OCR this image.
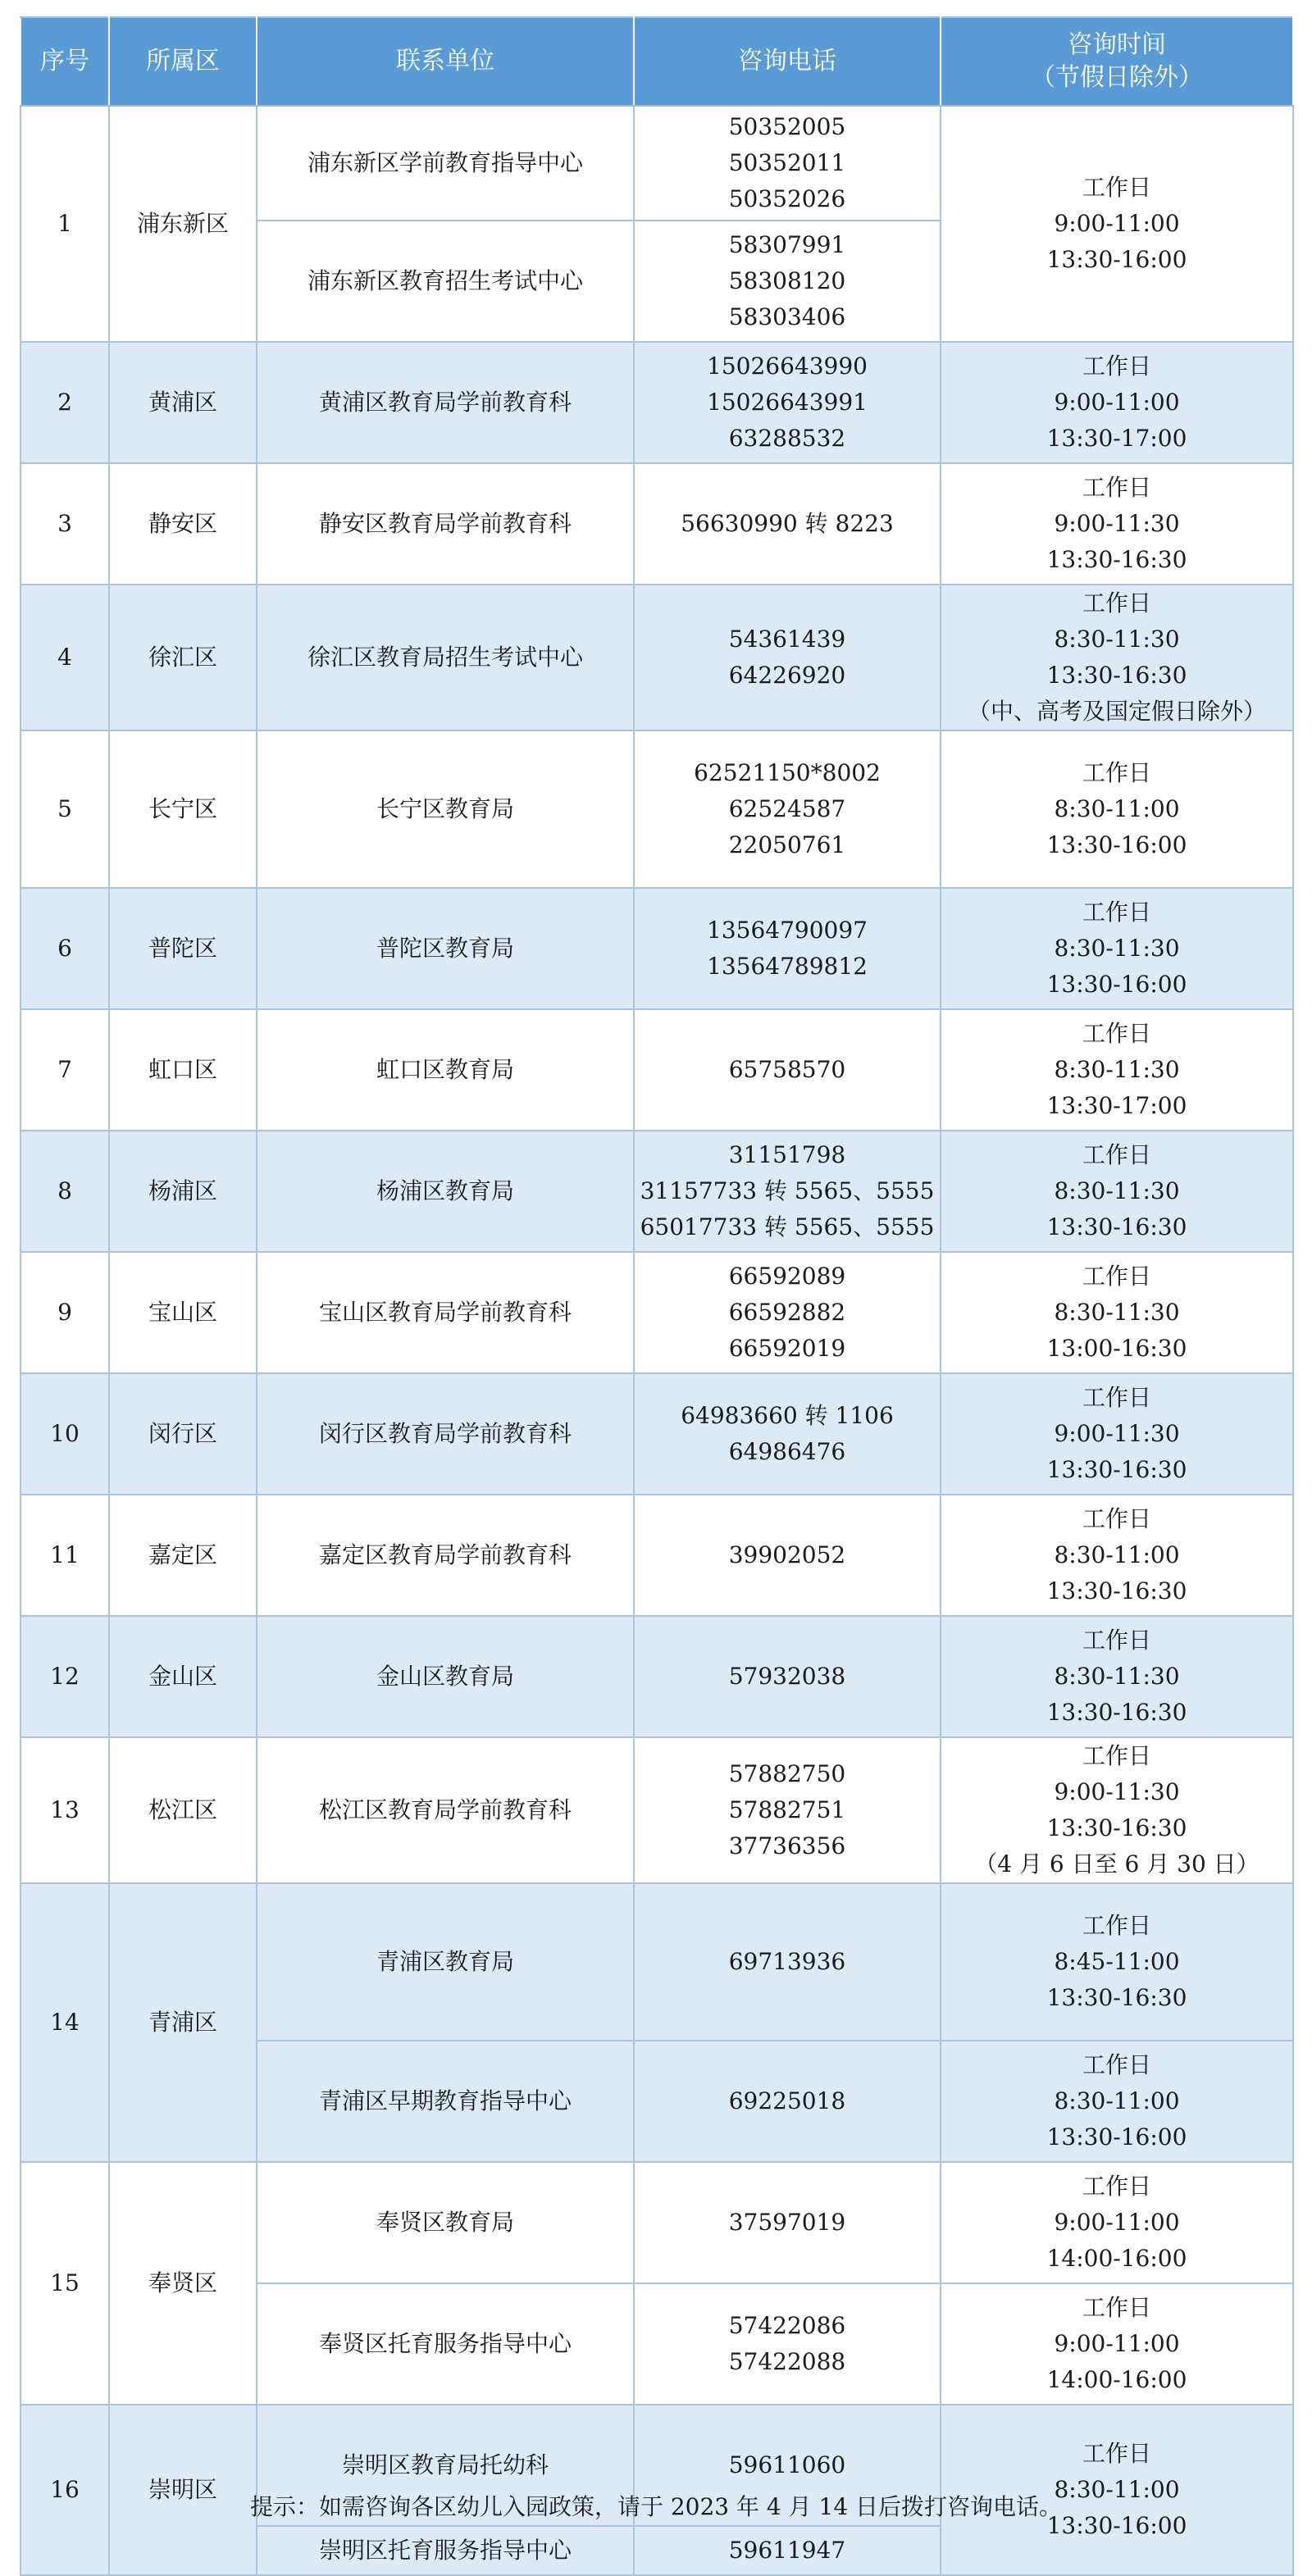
序号	所属区	联系单位	咨询电话	咨询时间
（节假日除外）

1	浦东新区	浦东新区学前教育指导中心	50352005
50352011
50352026	工作日
9:00-11:00
13:30-16:00

		浦东新区教育招生考试中心	58307991
58308120
58303406	

2	黄浦区	黄浦区教育局学前教育科	15026643990
15026643991
63288532	工作日
9:00-11:00
13:30-17:00

3	静安区	静安区教育局学前教育科	56630990 转 8223	工作日
9:00-11:30
13:30-16:30

4	徐汇区	徐汇区教育局招生考试中心	54361439
64226920	工作日
8:30-11:30
13:30-16:30
（中、高考及国定假日除外）

5	长宁区	长宁区教育局	62521150*8002
62524587
22050761	工作日
8:30-11:00
13:30-16:00

6	普陀区	普陀区教育局	13564790097
13564789812	工作日
8:30-11:30
13:30-16:00

7	虹口区	虹口区教育局	65758570	工作日
8:30-11:30
13:30-17:00

8	杨浦区	杨浦区教育局	31151798
31157733 转 5565、5555
65017733 转 5565、5555	工作日
8:30-11:30
13:30-16:30

9	宝山区	宝山区教育局学前教育科	66592089
66592882
66592019	工作日
8:30-11:30
13:00-16:30

10	闵行区	闵行区教育局学前教育科	64983660 转 1106
64986476	工作日
9:00-11:30
13:30-16:30

11	嘉定区	嘉定区教育局学前教育科	39902052	工作日
8:30-11:00
13:30-16:30

12	金山区	金山区教育局	57932038	工作日
8:30-11:30
13:30-16:30

13	松江区	松江区教育局学前教育科	57882750
57882751
37736356	工作日
9:00-11:30
13:30-16:30
（4 月 6 日至 6 月 30 日）

14	青浦区	青浦区教育局	69713936	工作日
8:45-11:00
13:30-16:30

		青浦区早期教育指导中心	69225018	工作日
8:30-11:00
13:30-16:00

15	奉贤区	奉贤区教育局	37597019	工作日
9:00-11:00
14:00-16:00

		奉贤区托育服务指导中心	57422086
57422088	工作日
9:00-11:00
14:00-16:00

16	崇明区	崇明区教育局托幼科	59611060	工作日
8:30-11:00
13:30-16:00

		崇明区托育服务指导中心	59611947	
提示：如需咨询各区幼儿入园政策，请于 2023 年 4 月 14 日后拨打咨询电话。
